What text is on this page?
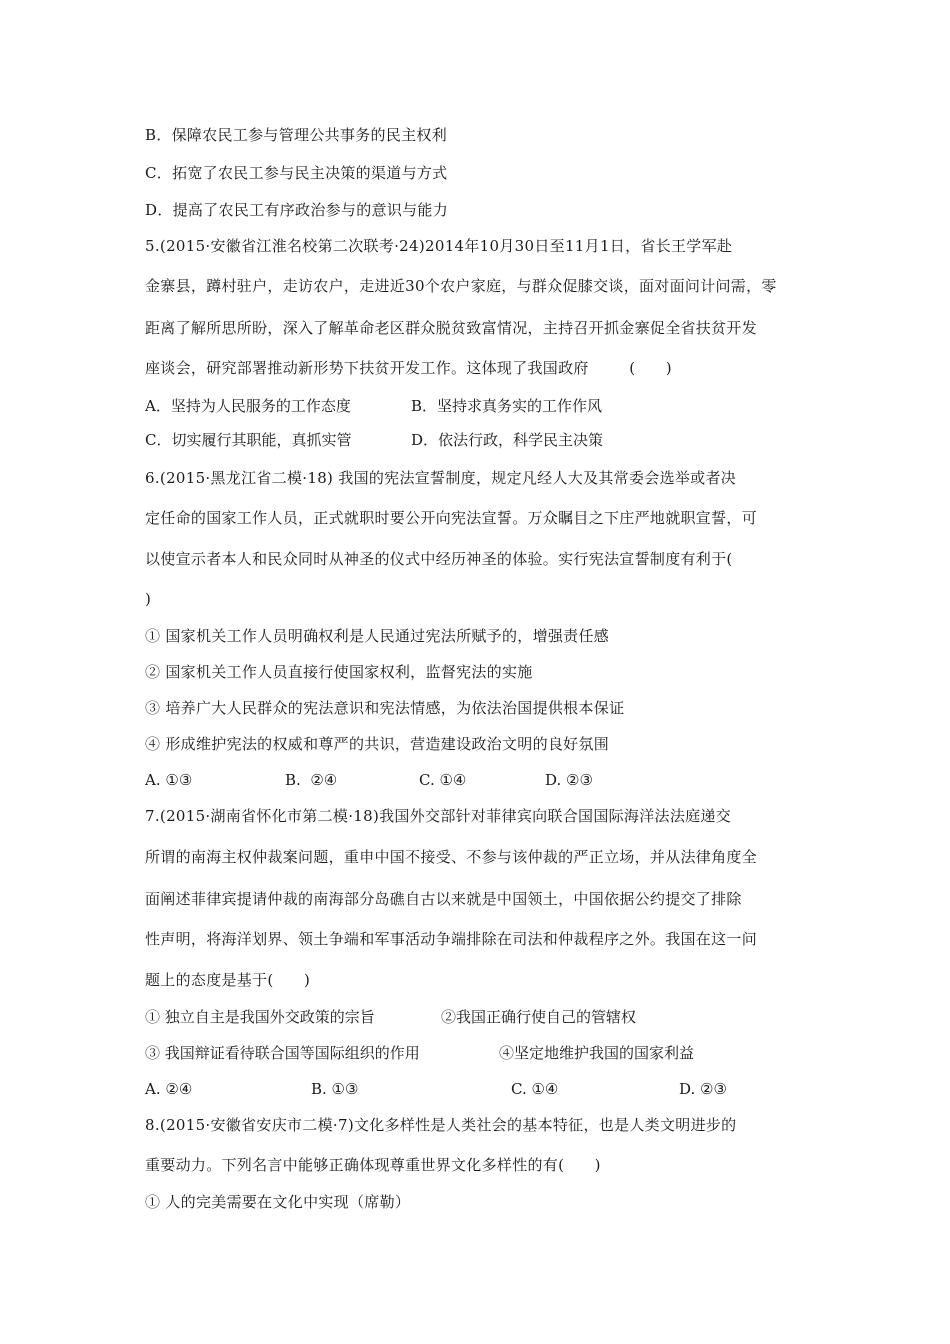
B．保障农民工参与管理公共事务的民主权利
C．拓宽了农民工参与民主决策的渠道与方式
D．提高了农民工有序政治参与的意识与能力
5.(2015·安徽省江淮名校第二次联考·24)2014年10月30日至11月1日，省长王学军赴
金寨县，蹲村驻户，走访农户，走进近30个农户家庭，与群众促膝交谈，面对面问计问需，零
距离了解所思所盼，深入了解革命老区群众脱贫致富情况，主持召开抓金寨促全省扶贫开发
座谈会，研究部署推动新形势下扶贫开发工作。这体现了我国政府        (      )

A．坚持为人民服务的工作态度

	B．坚持求真务实的工作作风

C．切实履行其职能，真抓实管

	D．依法行政，科学民主决策

6.(2015·黑龙江省二模·18) 我国的宪法宣誓制度，规定凡经人大及其常委会选举或者决
定任命的国家工作人员，正式就职时要公开向宪法宣誓。万众瞩目之下庄严地就职宣誓，可
以使宣示者本人和民众同时从神圣的仪式中经历神圣的体验。实行宪法宣誓制度有利于(
)
① 国家机关工作人员明确权利是人民通过宪法所赋予的，增强责任感
② 国家机关工作人员直接行使国家权利，监督宪法的实施
③ 培养广大人民群众的宪法意识和宪法情感，为依法治国提供根本保证
④ 形成维护宪法的权威和尊严的共识，营造建设政治文明的良好氛围

A. ①③

	B.  ②④

	C. ①④

	D. ②③

7.(2015·湖南省怀化市第二模·18)我国外交部针对菲律宾向联合国国际海洋法法庭递交
所谓的南海主权仲裁案问题，重申中国不接受、不参与该仲裁的严正立场，并从法律角度全
面阐述菲律宾提请仲裁的南海部分岛礁自古以来就是中国领土，中国依据公约提交了排除
性声明，将海洋划界、领土争端和军事活动争端排除在司法和仲裁程序之外。我国在这一问
题上的态度是基于(      )

① 独立自主是我国外交政策的宗旨

	②我国正确行使自己的管辖权

③ 我国辩证看待联合国等国际组织的作用

	④坚定地维护我国的国家利益

A. ②④

	B. ①③

	C. ①④

	D. ②③

8.(2015·安徽省安庆市二模·7)文化多样性是人类社会的基本特征，也是人类文明进步的
重要动力。下列名言中能够正确体现尊重世界文化多样性的有(      )
① 人的完美需要在文化中实现（席勒）
